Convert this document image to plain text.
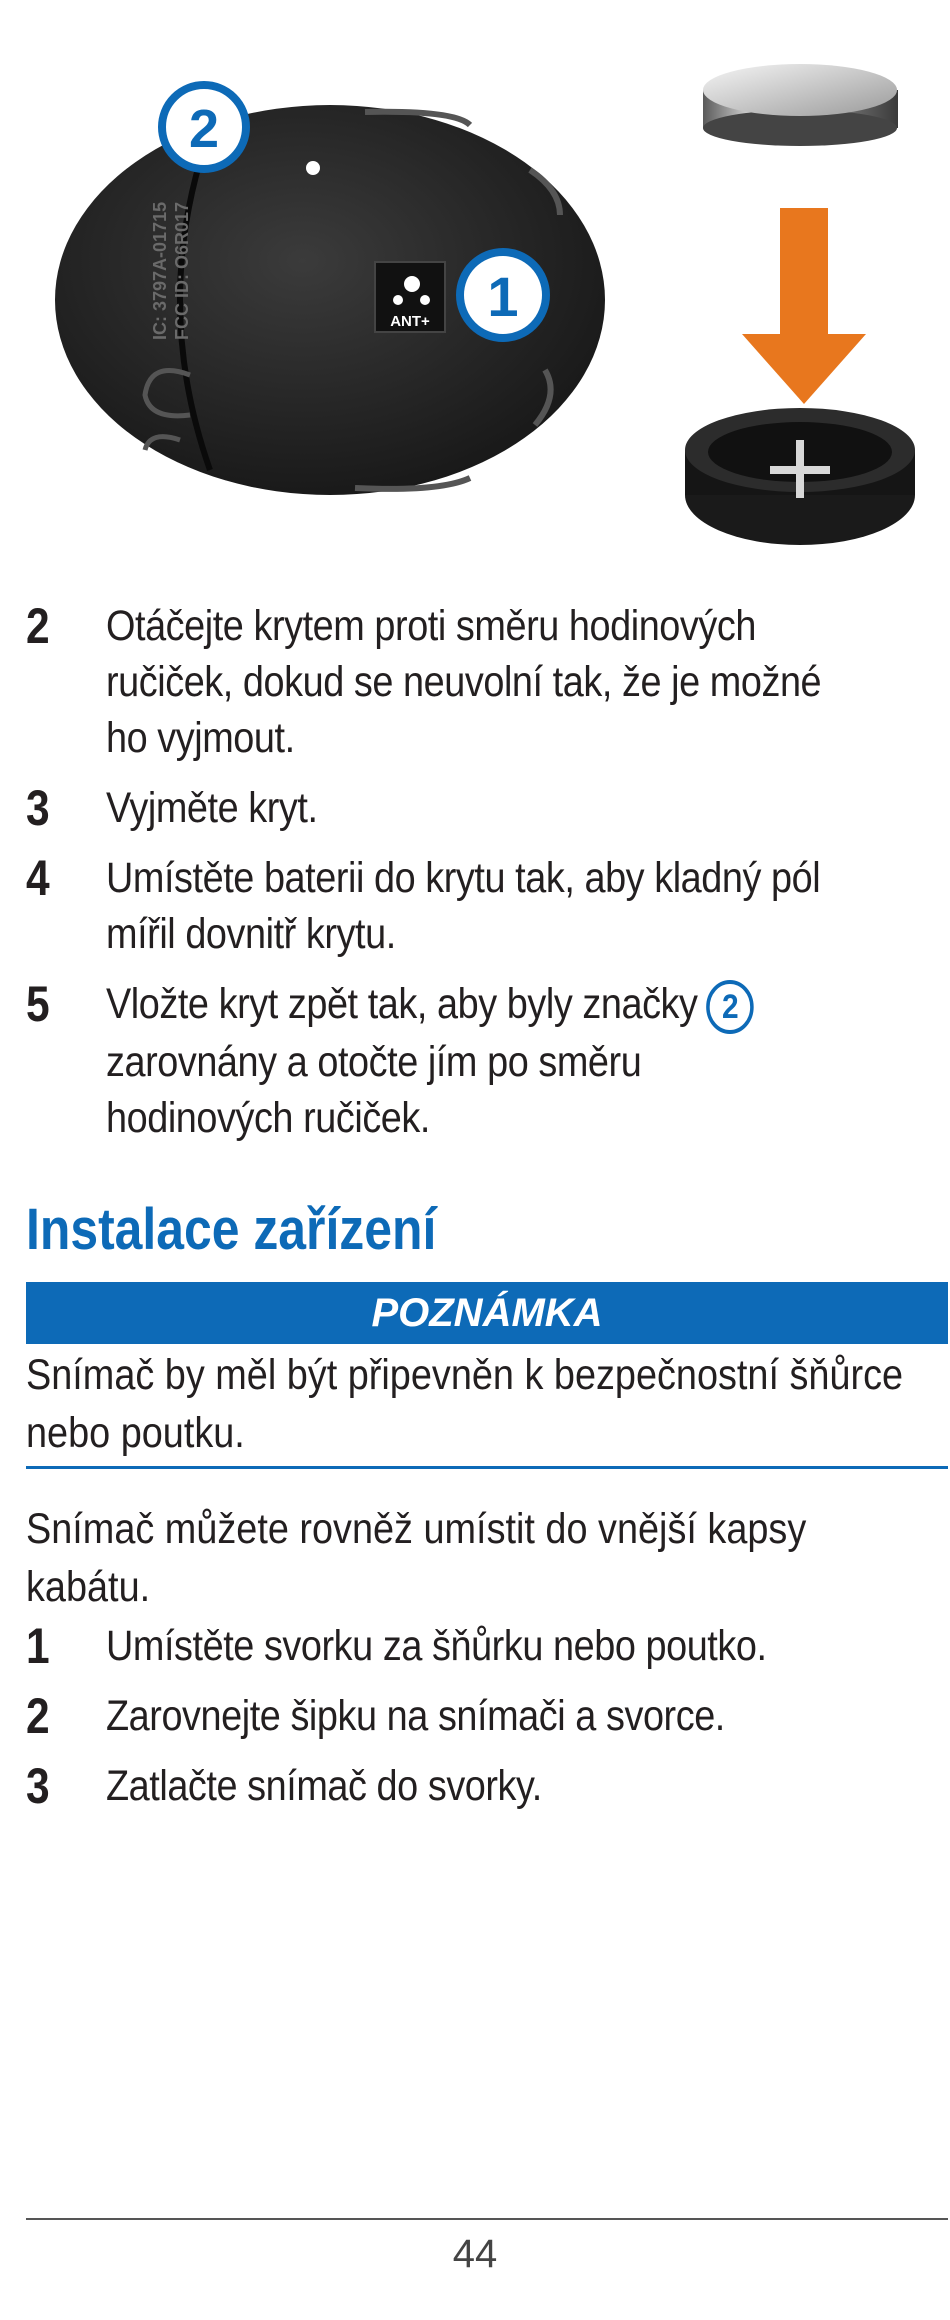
ANT+
IC: 3797A-01715 FCC ID: O6R017
2
1
2	Otáčejte krytem proti směru hodinových ručiček, dokud se neuvolní tak, že je možné ho vyjmout.
3	Vyjměte kryt.
4	Umístěte baterii do krytu tak, aby kladný pól mířil dovnitř krytu.
5	Vložte kryt zpět tak, aby byly značky 2 zarovnány a otočte jím po směru hodinových ručiček.
Instalace zařízení
POZNÁMKA
Snímač by měl být připevněn k bezpečnostní šňůrce nebo poutku.
Snímač můžete rovněž umístit do vnější kapsy kabátu.
1	Umístěte svorku za šňůrku nebo poutko.
2	Zarovnejte šipku na snímači a svorce.
3	Zatlačte snímač do svorky.
44
